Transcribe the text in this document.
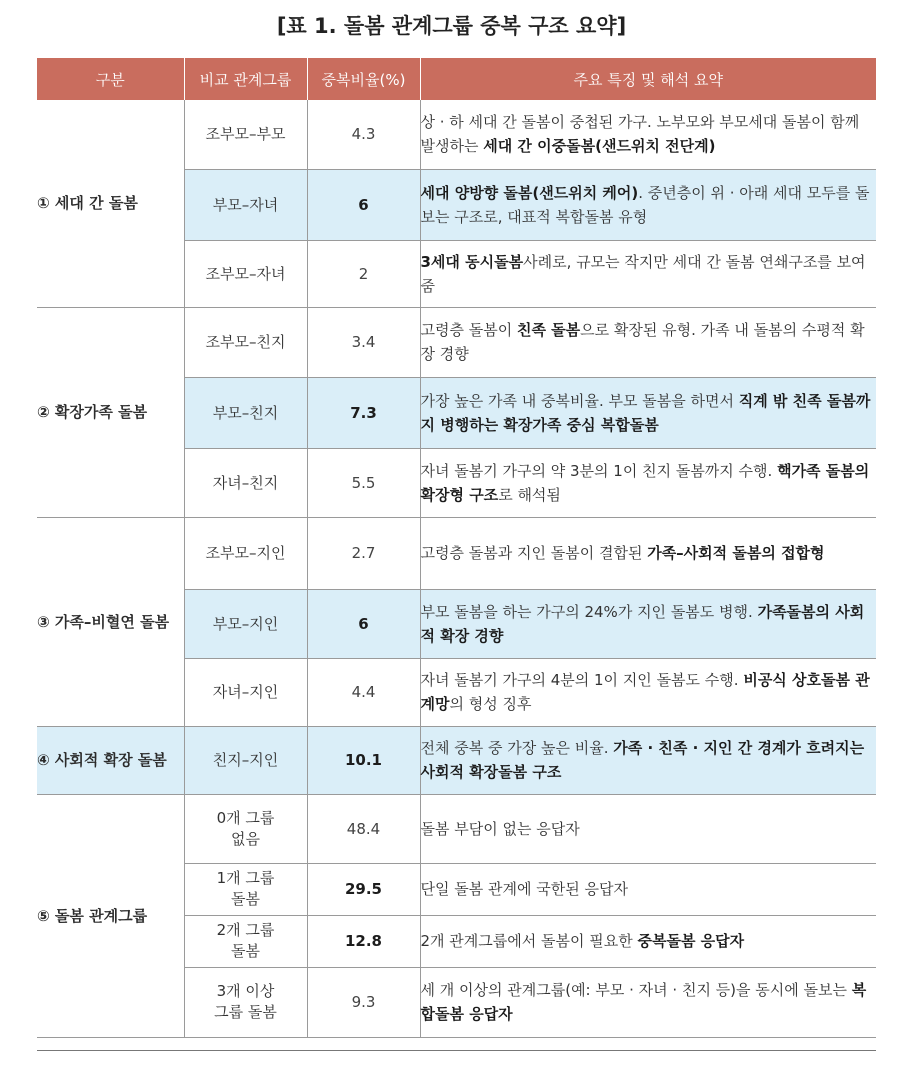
[표 1. 돌봄 관계그룹 중복 구조 요약]
구분	비교 관계그룹	중복비율(%)	주요 특징 및 해석 요약
① 세대 간 돌봄	조부모–부모	4.3	상 · 하 세대 간 돌봄이 중첩된 가구. 노부모와 부모세대 돌봄이 함께 발생하는 세대 간 이중돌봄(샌드위치 전단계)
	부모–자녀	6	세대 양방향 돌봄(샌드위치 케어). 중년층이 위 · 아래 세대 모두를 돌보는 구조로, 대표적 복합돌봄 유형
	조부모–자녀	2	3세대 동시돌봄사례로, 규모는 작지만 세대 간 돌봄 연쇄구조를 보여줌
② 확장가족 돌봄	조부모–친지	3.4	고령층 돌봄이 친족 돌봄으로 확장된 유형. 가족 내 돌봄의 수평적 확장 경향
	부모–친지	7.3	가장 높은 가족 내 중복비율. 부모 돌봄을 하면서 직계 밖 친족 돌봄까지 병행하는 확장가족 중심 복합돌봄
	자녀–친지	5.5	자녀 돌봄기 가구의 약 3분의 1이 친지 돌봄까지 수행. 핵가족 돌봄의 확장형 구조로 해석됨
③ 가족–비혈연 돌봄	조부모–지인	2.7	고령층 돌봄과 지인 돌봄이 결합된 가족–사회적 돌봄의 접합형
	부모–지인	6	부모 돌봄을 하는 가구의 24%가 지인 돌봄도 병행. 가족돌봄의 사회적 확장 경향
	자녀–지인	4.4	자녀 돌봄기 가구의 4분의 1이 지인 돌봄도 수행. 비공식 상호돌봄 관계망의 형성 징후
④ 사회적 확장 돌봄	친지–지인	10.1	전체 중복 중 가장 높은 비율. 가족 · 친족 · 지인 간 경계가 흐려지는 사회적 확장돌봄 구조
⑤ 돌봄 관계그룹	0개 그룹 없음	48.4	돌봄 부담이 없는 응답자
	1개 그룹 돌봄	29.5	단일 돌봄 관계에 국한된 응답자
	2개 그룹 돌봄	12.8	2개 관계그룹에서 돌봄이 필요한 중복돌봄 응답자
	3개 이상 그룹 돌봄	9.3	세 개 이상의 관계그룹(예: 부모 · 자녀 · 친지 등)을 동시에 돌보는 복합돌봄 응답자
